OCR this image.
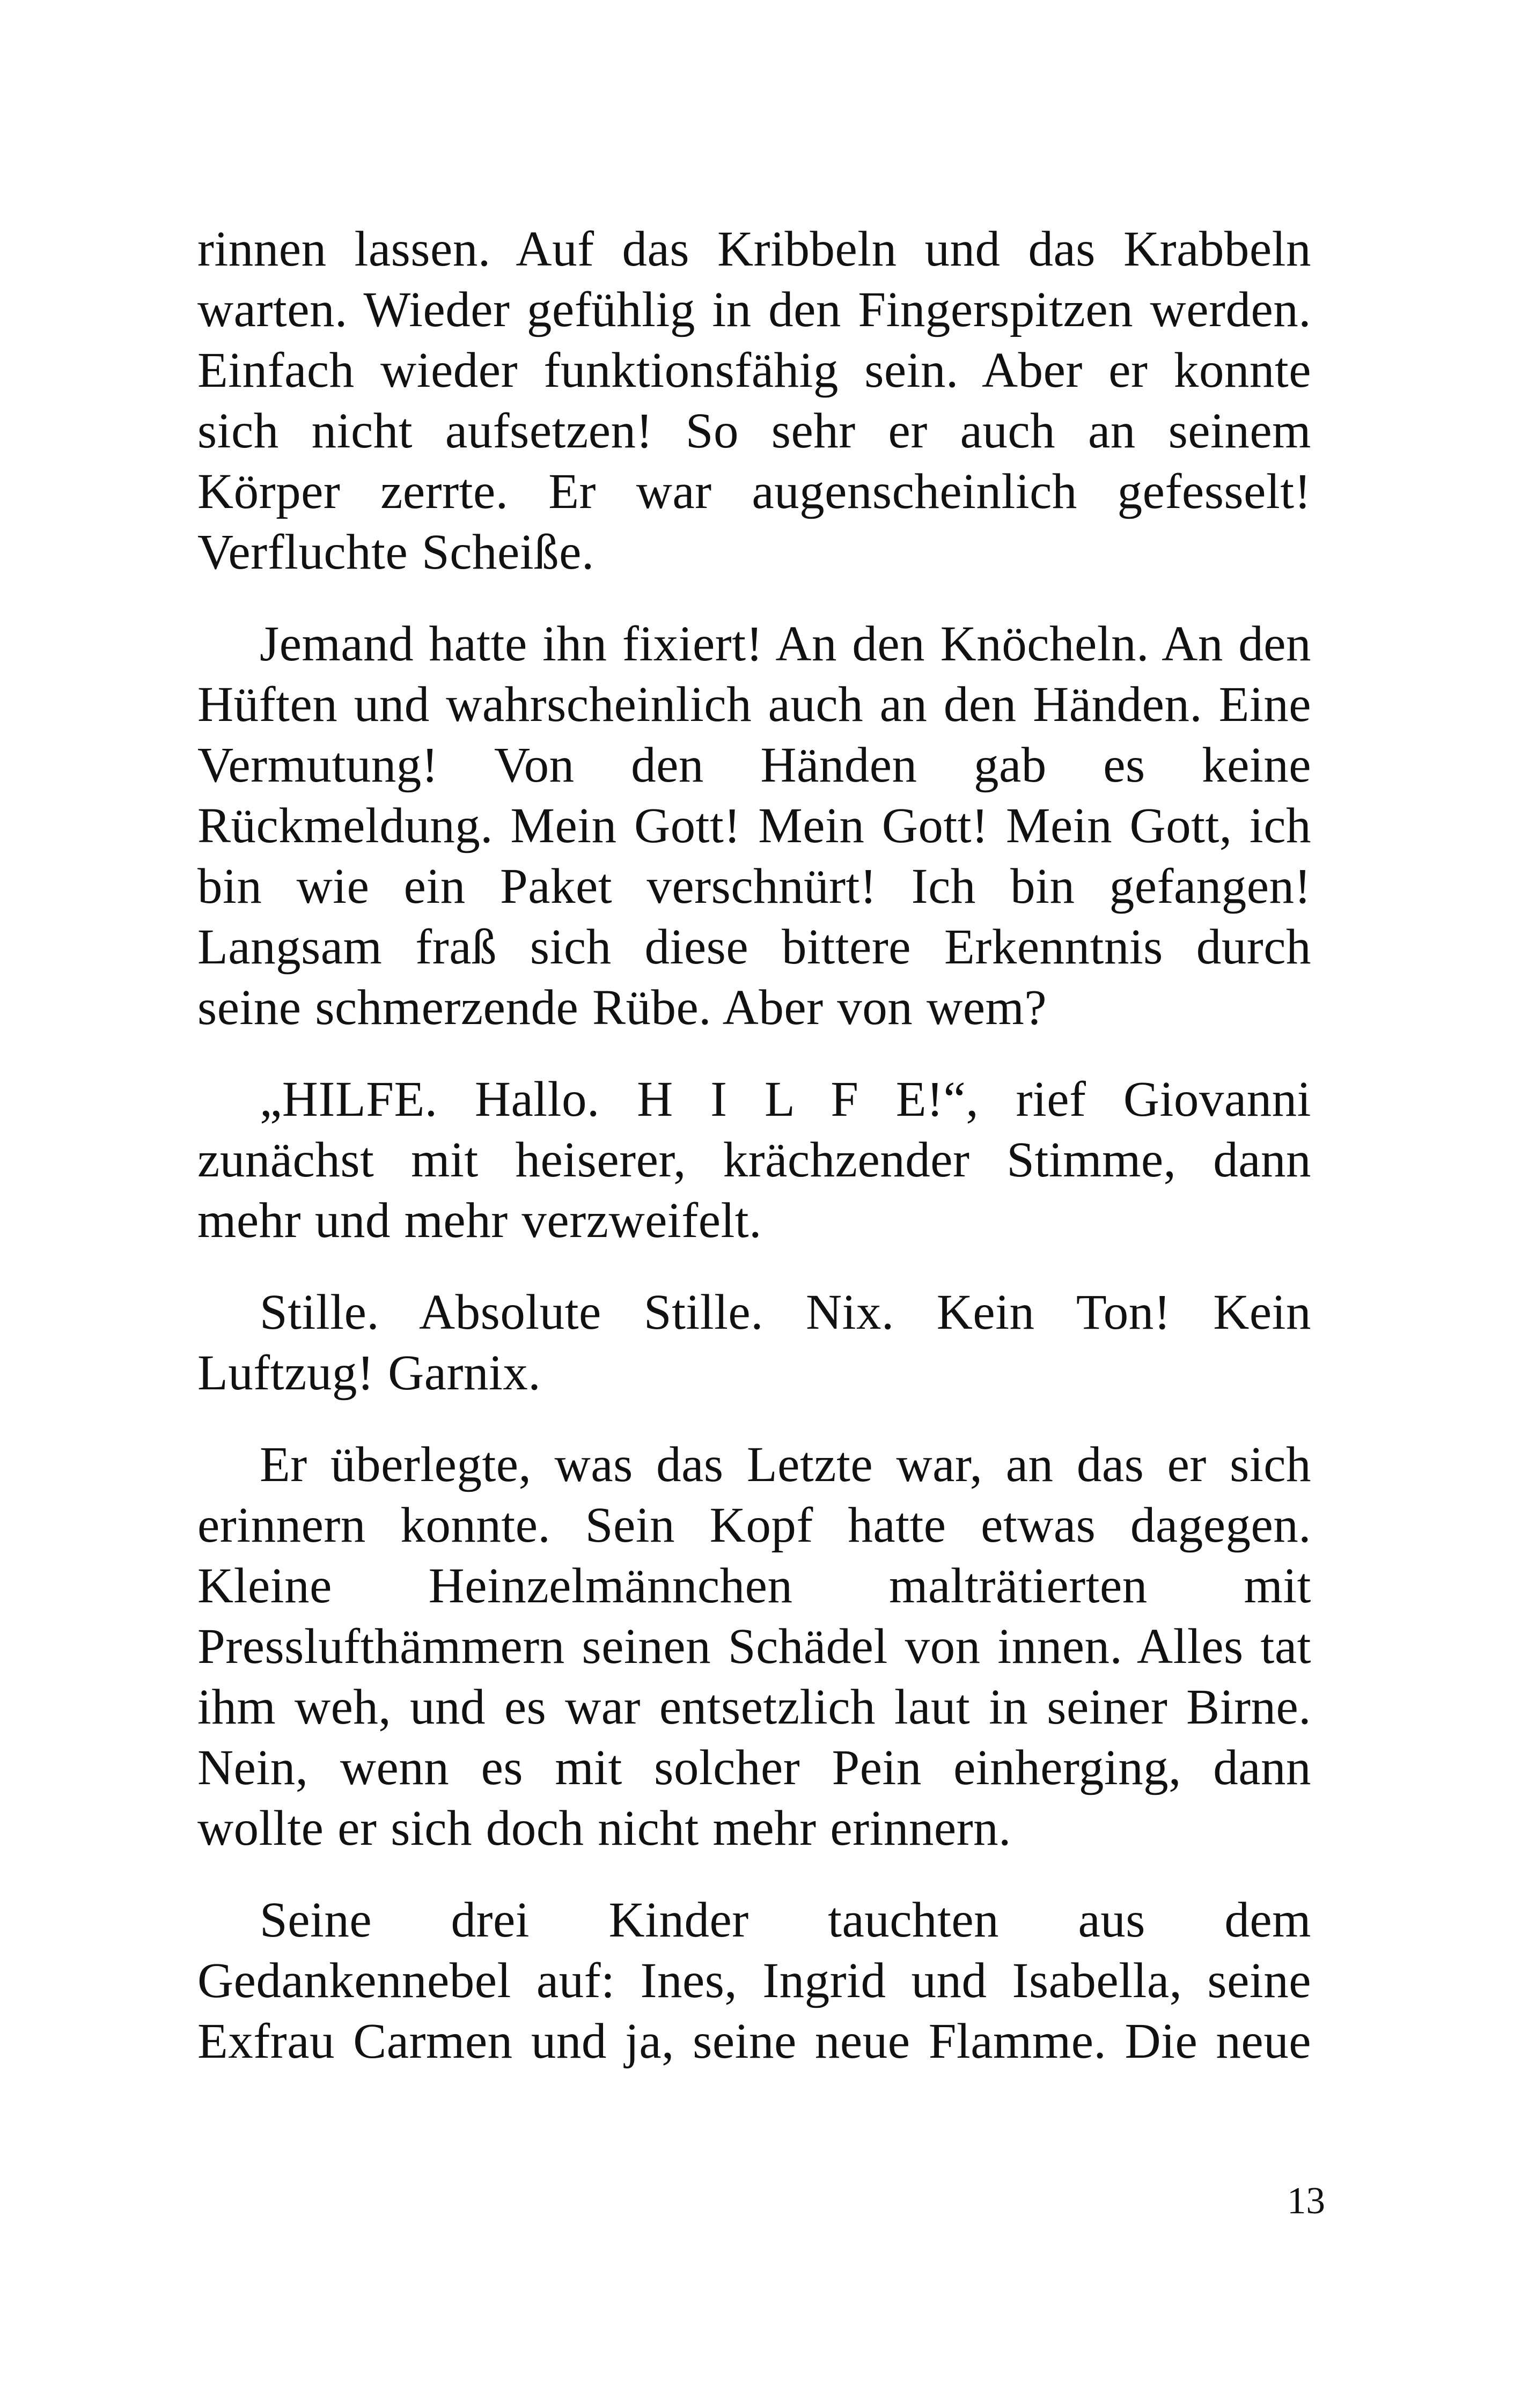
rinnen lassen. Auf das Kribbeln und das Krabbeln warten. Wieder gefühlig in den Fingerspitzen werden. Einfach wieder funktionsfähig sein. Aber er konnte sich nicht aufsetzen! So sehr er auch an seinem Körper zerrte. Er war augenscheinlich gefesselt! Verfluchte Scheiße.

Jemand hatte ihn fixiert! An den Knöcheln. An den Hüften und wahrscheinlich auch an den Händen. Eine Vermutung! Von den Händen gab es keine Rückmeldung. Mein Gott! Mein Gott! Mein Gott, ich bin wie ein Paket verschnürt! Ich bin gefangen! Langsam fraß sich diese bittere Erkenntnis durch seine schmerzende Rübe. Aber von wem?

„HILFE. Hallo. H I L F E!“, rief Giovanni zunächst mit heiserer, krächzender Stimme, dann mehr und mehr verzweifelt.

Stille. Absolute Stille. Nix. Kein Ton! Kein Luftzug! Garnix.

Er überlegte, was das Letzte war, an das er sich erinnern konnte. Sein Kopf hatte etwas dagegen. Kleine Heinzelmännchen malträtierten mit Presslufthämmern seinen Schädel von innen. Alles tat ihm weh, und es war entsetzlich laut in seiner Birne. Nein, wenn es mit solcher Pein einherging, dann wollte er sich doch nicht mehr erinnern.

Seine drei Kinder tauchten aus dem Gedankennebel auf: Ines, Ingrid und Isabella, seine Exfrau Carmen und ja, seine neue Flamme. Die neue

13
